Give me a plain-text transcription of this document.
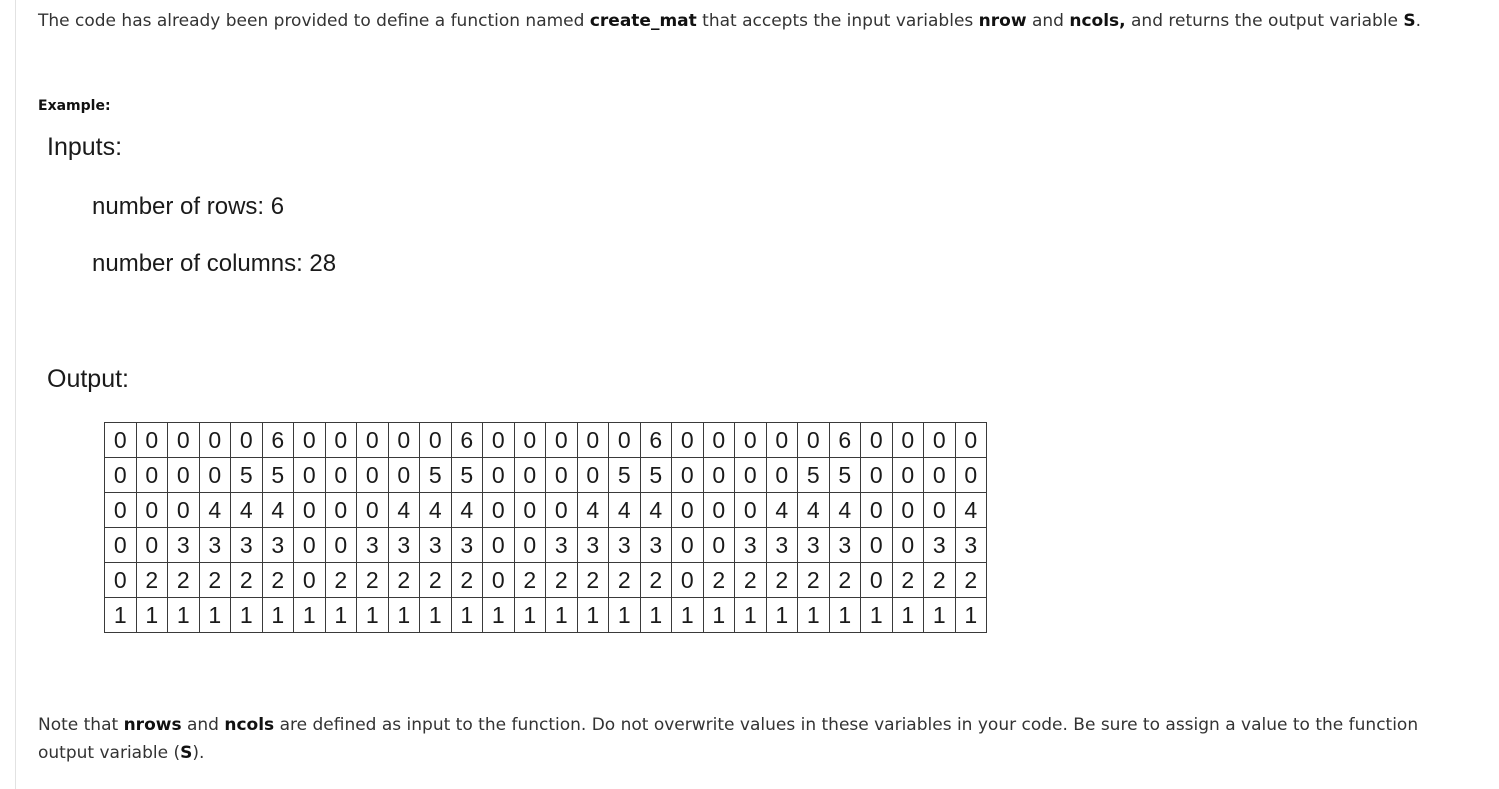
The code has already been provided to define a function named create_mat that accepts the input variables nrow and ncols, and returns the output variable S.

Example:
Inputs:
number of rows: 6
number of columns: 28
Output:
0	0	0	0	0	6	0	0	0	0	0	6	0	0	0	0	0	6	0	0	0	0	0	6	0	0	0	0
0	0	0	0	5	5	0	0	0	0	5	5	0	0	0	0	5	5	0	0	0	0	5	5	0	0	0	0
0	0	0	4	4	4	0	0	0	4	4	4	0	0	0	4	4	4	0	0	0	4	4	4	0	0	0	4
0	0	3	3	3	3	0	0	3	3	3	3	0	0	3	3	3	3	0	0	3	3	3	3	0	0	3	3
0	2	2	2	2	2	0	2	2	2	2	2	0	2	2	2	2	2	0	2	2	2	2	2	0	2	2	2
1	1	1	1	1	1	1	1	1	1	1	1	1	1	1	1	1	1	1	1	1	1	1	1	1	1	1	1

Note that nrows and ncols are defined as input to the function. Do not overwrite values in these variables in your code. Be sure to assign a value to the function output variable (S).
